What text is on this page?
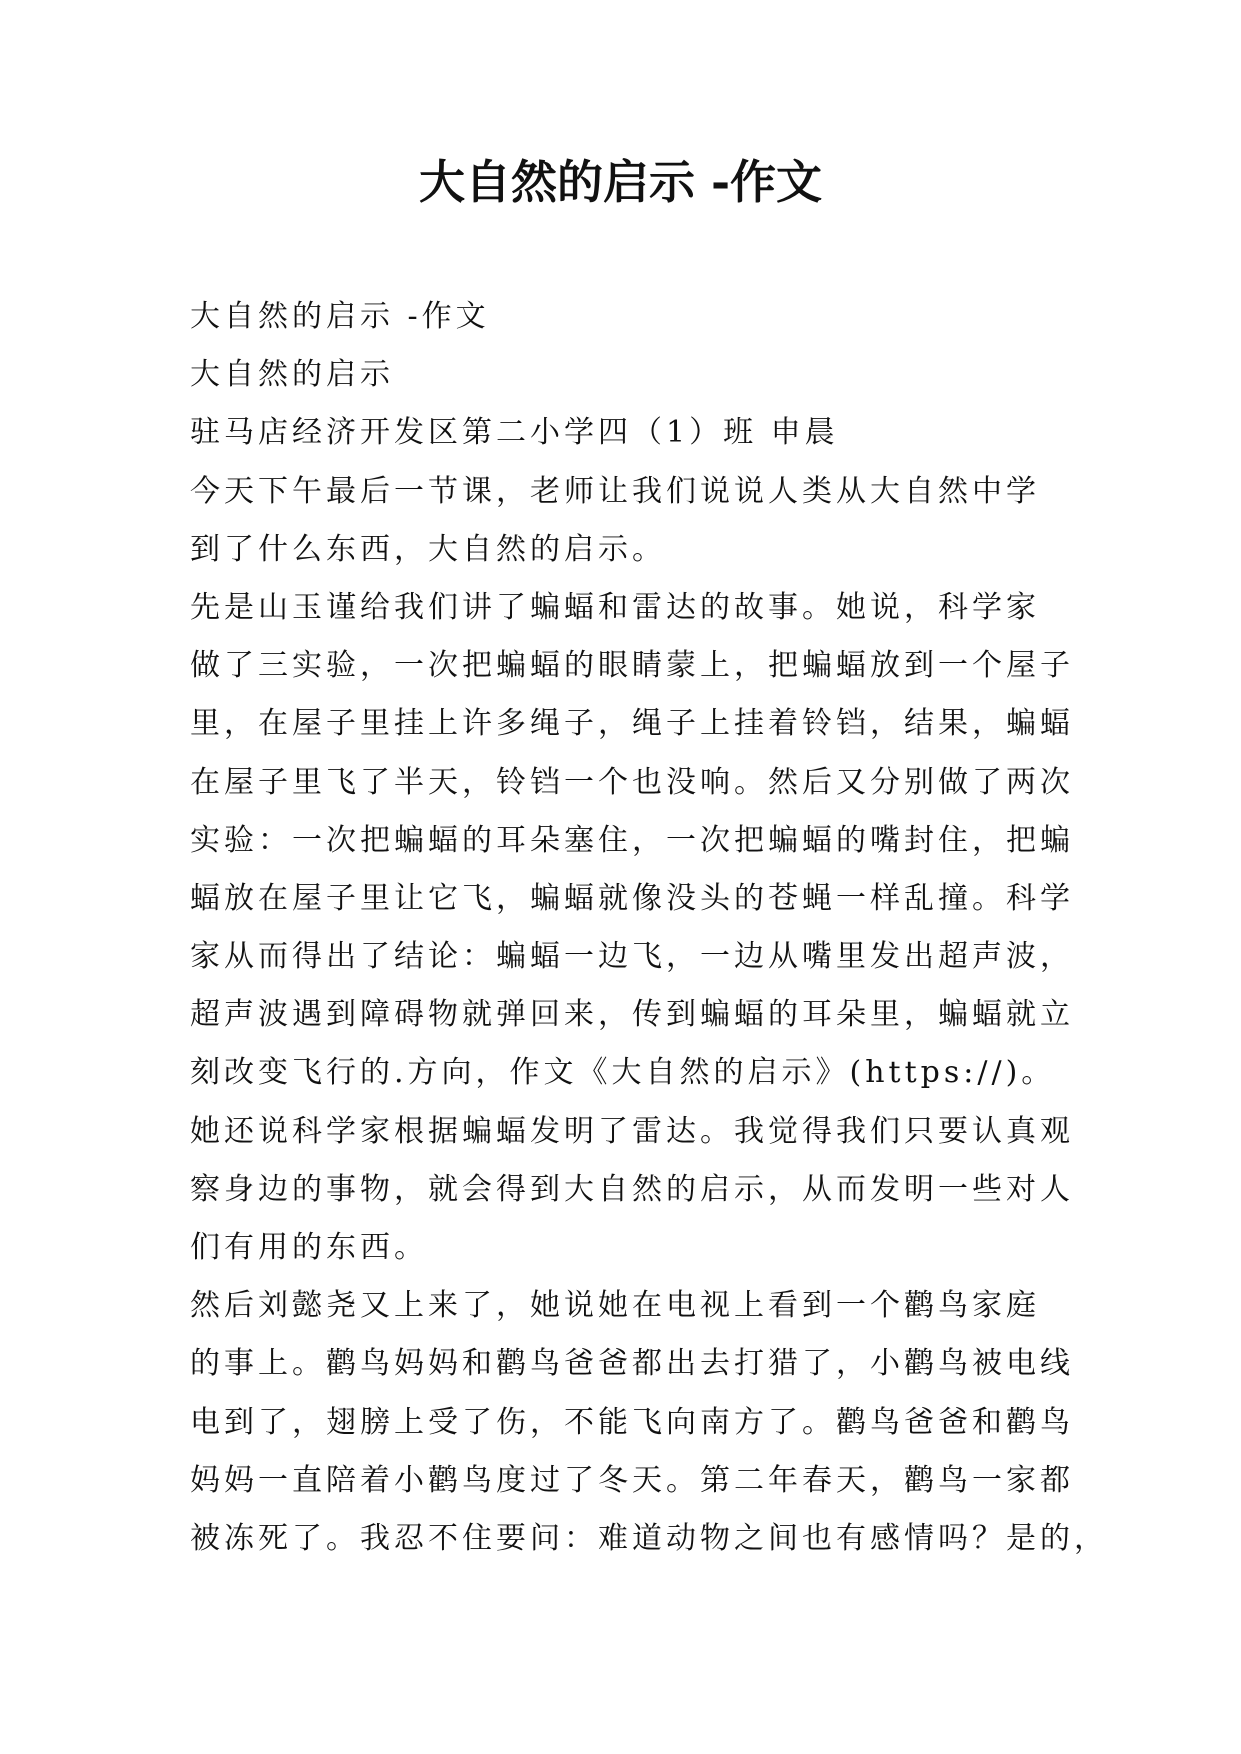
大自然的启示 -作文
大自然的启示 -作文
大自然的启示
驻马店经济开发区第二小学四（1）班 申晨
今天下午最后一节课，老师让我们说说人类从大自然中学
到了什么东西，大自然的启示。
先是山玉谨给我们讲了蝙蝠和雷达的故事。她说，科学家
做了三实验，一次把蝙蝠的眼睛蒙上，把蝙蝠放到一个屋子
里，在屋子里挂上许多绳子，绳子上挂着铃铛，结果，蝙蝠
在屋子里飞了半天，铃铛一个也没响。然后又分别做了两次
实验：一次把蝙蝠的耳朵塞住，一次把蝙蝠的嘴封住，把蝙
蝠放在屋子里让它飞，蝙蝠就像没头的苍蝇一样乱撞。科学
家从而得出了结论：蝙蝠一边飞，一边从嘴里发出超声波，
超声波遇到障碍物就弹回来，传到蝙蝠的耳朵里，蝙蝠就立
刻改变飞行的.方向，作文《大自然的启示》(https://)。
她还说科学家根据蝙蝠发明了雷达。我觉得我们只要认真观
察身边的事物，就会得到大自然的启示，从而发明一些对人
们有用的东西。
然后刘懿尧又上来了，她说她在电视上看到一个鹳鸟家庭
的事上。鹳鸟妈妈和鹳鸟爸爸都出去打猎了，小鹳鸟被电线
电到了，翅膀上受了伤，不能飞向南方了。鹳鸟爸爸和鹳鸟
妈妈一直陪着小鹳鸟度过了冬天。第二年春天，鹳鸟一家都
被冻死了。我忍不住要问：难道动物之间也有感情吗？是的，
